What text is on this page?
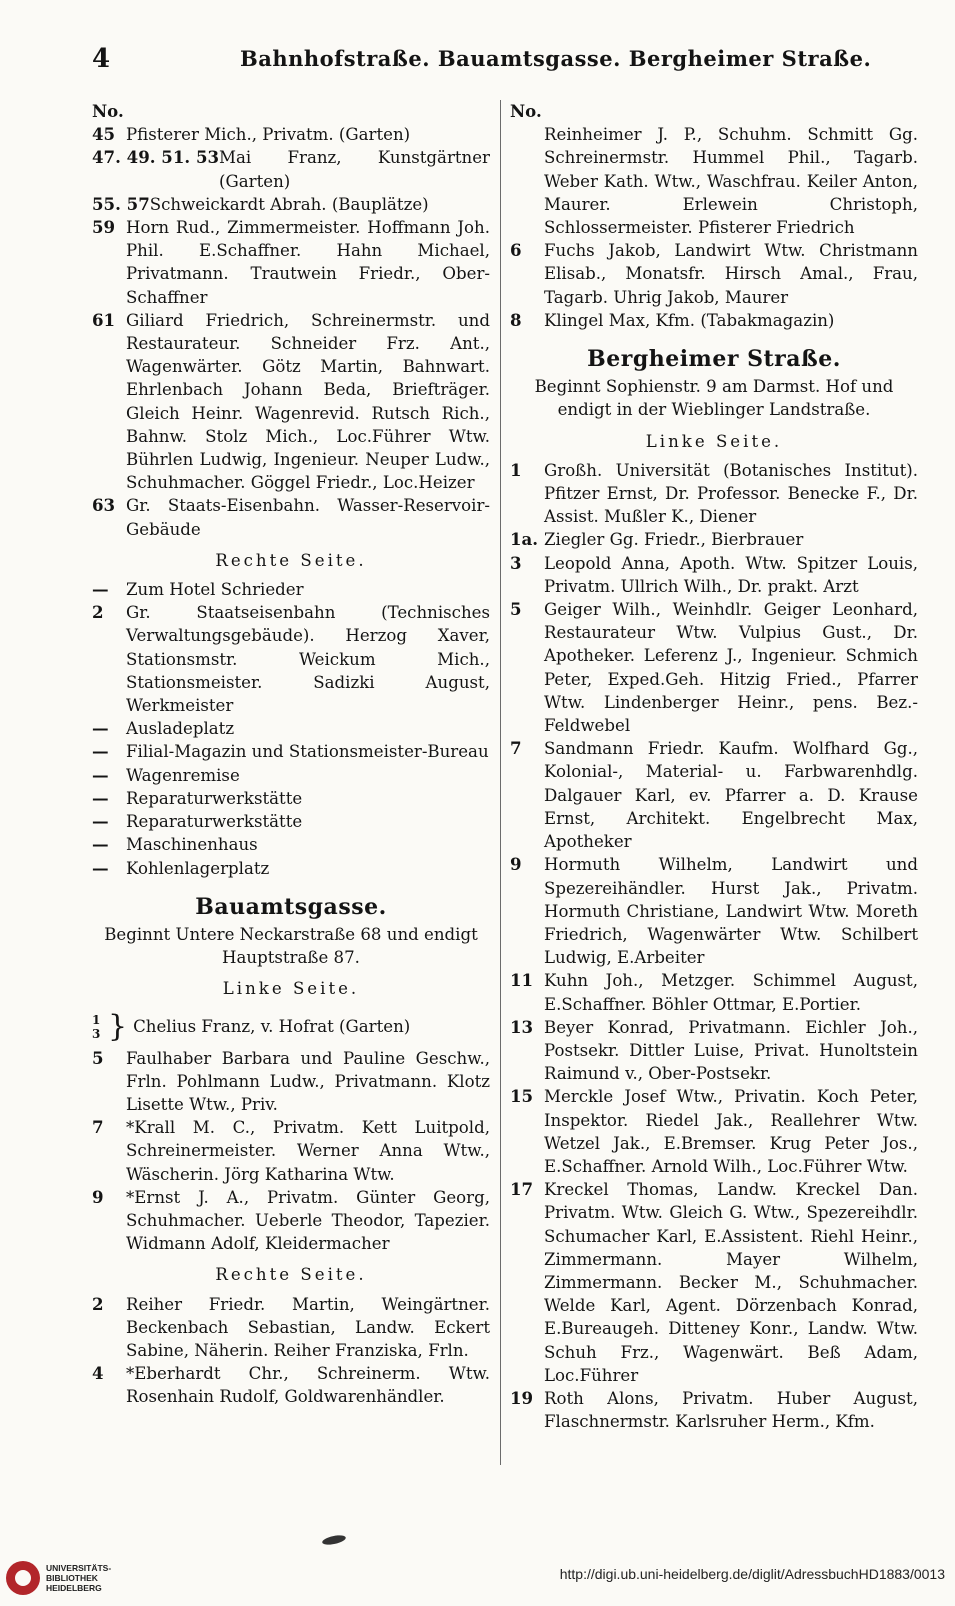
4	Bahnhofstraße. Bauamtsgasse. Bergheimer Straße.
No.
45 Pfisterer Mich., Privatm. (Garten)
47. 49. 51. 53 Mai Franz, Kunstgärtner (Garten)
55. 57 Schweickardt Abrah. (Bauplätze)
59 Horn Rud., Zimmermeister. Hoffmann Joh. Phil. E.Schaffner. Hahn Michael, Privatmann. Trautwein Friedr., Ober-Schaffner
61 Giliard Friedrich, Schreinermstr. und Restaurateur. Schneider Frz. Ant., Wagenwärter. Götz Martin, Bahnwart. Ehrlenbach Johann Beda, Briefträger. Gleich Heinr. Wagenrevid. Rutsch Rich., Bahnw. Stolz Mich., Loc.Führer Wtw. Bührlen Ludwig, Ingenieur. Neuper Ludw., Schuhmacher. Göggel Friedr., Loc.Heizer
63 Gr. Staats-Eisenbahn. Wasser-Reservoir-Gebäude
Rechte Seite.
—	Zum Hotel Schrieder
2	Gr. Staatseisenbahn (Technisches Verwaltungsgebäude). Herzog Xaver, Stationsmstr. Weickum Mich., Stationsmeister. Sadizki August, Werkmeister
—	Ausladeplatz
—	Filial-Magazin und Stationsmeister-Bureau
—	Wagenremise
—	Reparaturwerkstätte
—	Reparaturwerkstätte
—	Maschinenhaus
—	Kohlenlagerplatz
Bauamtsgasse.
Beginnt Untere Neckarstraße 68 und endigt Hauptstraße 87.
Linke Seite.
1
3 } Chelius Franz, v. Hofrat (Garten)
5	Faulhaber Barbara und Pauline Geschw., Frln. Pohlmann Ludw., Privatmann. Klotz Lisette Wtw., Priv.
7	*Krall M. C., Privatm. Kett Luitpold, Schreinermeister. Werner Anna Wtw., Wäscherin. Jörg Katharina Wtw.
9	*Ernst J. A., Privatm. Günter Georg, Schuhmacher. Ueberle Theodor, Tapezier. Widmann Adolf, Kleidermacher
Rechte Seite.
2	Reiher Friedr. Martin, Weingärtner. Beckenbach Sebastian, Landw. Eckert Sabine, Näherin. Reiher Franziska, Frln.
4	*Eberhardt Chr., Schreinerm. Wtw. Rosenhain Rudolf, Goldwarenhändler.
No.
Reinheimer J. P., Schuhm. Schmitt Gg. Schreinermstr. Hummel Phil., Tagarb. Weber Kath. Wtw., Waschfrau. Keiler Anton, Maurer. Erlewein Christoph, Schlossermeister. Pfisterer Friedrich
6	Fuchs Jakob, Landwirt Wtw. Christmann Elisab., Monatsfr. Hirsch Amal., Frau, Tagarb. Uhrig Jakob, Maurer
8	Klingel Max, Kfm. (Tabakmagazin)
Bergheimer Straße.
Beginnt Sophienstr. 9 am Darmst. Hof und endigt in der Wieblinger Landstraße.
Linke Seite.
1	Großh. Universität (Botanisches Institut). Pfitzer Ernst, Dr. Professor. Benecke F., Dr. Assist. Mußler K., Diener
1a. Ziegler Gg. Friedr., Bierbrauer
3	Leopold Anna, Apoth. Wtw. Spitzer Louis, Privatm. Ullrich Wilh., Dr. prakt. Arzt
5	Geiger Wilh., Weinhdlr. Geiger Leonhard, Restaurateur Wtw. Vulpius Gust., Dr. Apotheker. Leferenz J., Ingenieur. Schmich Peter, Exped.Geh. Hitzig Fried., Pfarrer Wtw. Lindenberger Heinr., pens. Bez.-Feldwebel
7	Sandmann Friedr. Kaufm. Wolfhard Gg., Kolonial-, Material- u. Farbwarenhdlg. Dalgauer Karl, ev. Pfarrer a. D. Krause Ernst, Architekt. Engelbrecht Max, Apotheker
9	Hormuth Wilhelm, Landwirt und Spezereihändler. Hurst Jak., Privatm. Hormuth Christiane, Landwirt Wtw. Moreth Friedrich, Wagenwärter Wtw. Schilbert Ludwig, E.Arbeiter
11 Kuhn Joh., Metzger. Schimmel August, E.Schaffner. Böhler Ottmar, E.Portier.
13 Beyer Konrad, Privatmann. Eichler Joh., Postsekr. Dittler Luise, Privat. Hunoltstein Raimund v., Ober-Postsekr.
15 Merckle Josef Wtw., Privatin. Koch Peter, Inspektor. Riedel Jak., Reallehrer Wtw. Wetzel Jak., E.Bremser. Krug Peter Jos., E.Schaffner. Arnold Wilh., Loc.Führer Wtw.
17 Kreckel Thomas, Landw. Kreckel Dan. Privatm. Wtw. Gleich G. Wtw., Spezereihdlr. Schumacher Karl, E.Assistent. Riehl Heinr., Zimmermann. Mayer Wilhelm, Zimmermann. Becker M., Schuhmacher. Welde Karl, Agent. Dörzenbach Konrad, E.Bureaugeh. Ditteney Konr., Landw. Wtw. Schuh Frz., Wagenwärt. Beß Adam, Loc.Führer
19 Roth Alons, Privatm. Huber August, Flaschnermstr. Karlsruher Herm., Kfm.
UNIVERSITÄTS-
BIBLIOTHEK
HEIDELBERG
http://digi.ub.uni-heidelberg.de/diglit/AdressbuchHD1883/0013
